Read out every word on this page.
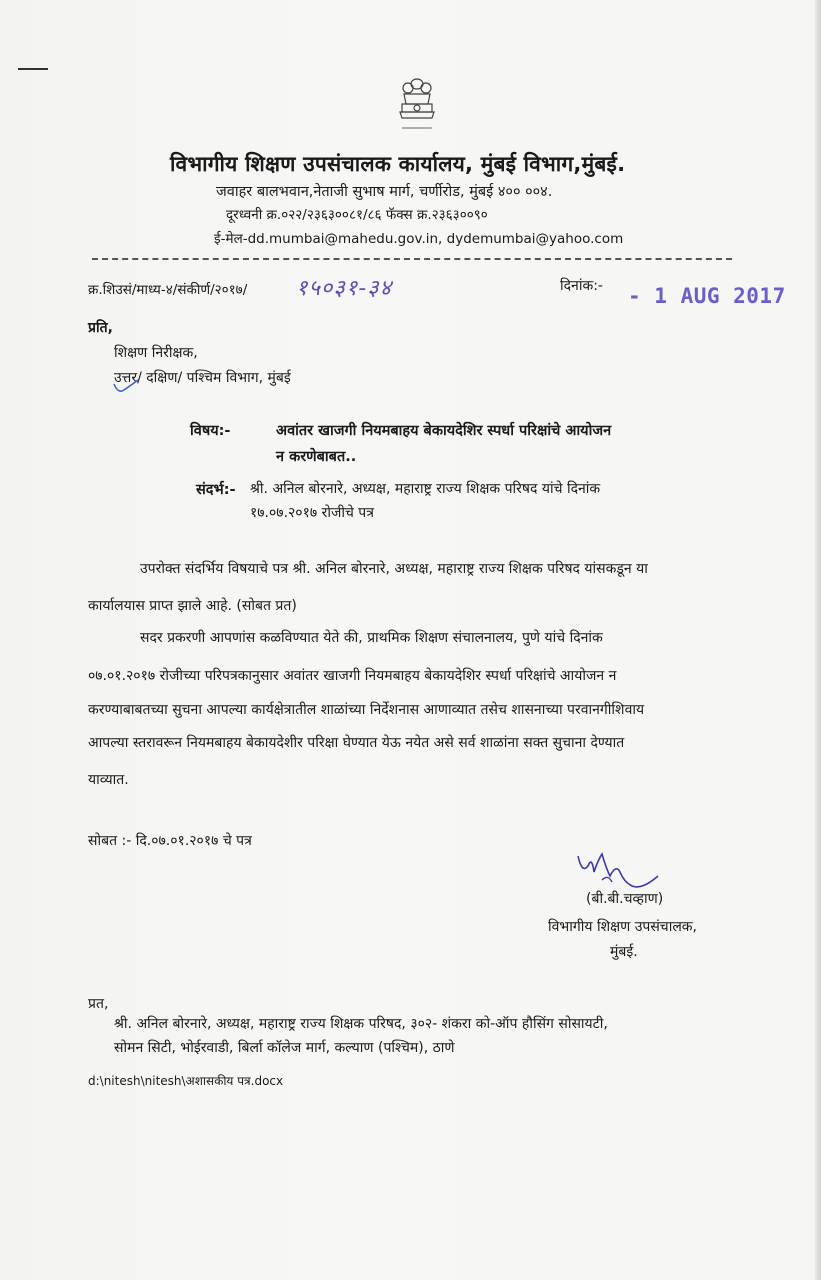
विभागीय शिक्षण उपसंचालक कार्यालय, मुंबई विभाग,मुंबई.
जवाहर बालभवान,नेताजी सुभाष मार्ग, चर्णीरोड, मुंबई ४०० ००४.
दूरध्वनी क्र.०२२/२३६३००८१/८६ फॅक्स क्र.२३६३००९०
ई-मेल-dd.mumbai@mahedu.gov.in, dydemumbai@yahoo.com
क्र.शिउसं/माध्य-४/संकीर्ण/२०१७/ १५०३१-३४	दिनांक:- - 1 AUG 2017
प्रति,
शिक्षण निरीक्षक,
उत्तर/ दक्षिण/ पश्चिम विभाग, मुंबई
विषय:-	अवांतर खाजगी नियमबाहय बेकायदेशिर स्पर्धा परिक्षांचे आयोजन
न करणेबाबत..
संदर्भ:- श्री. अनिल बोरनारे, अध्यक्ष, महाराष्ट्र राज्य शिक्षक परिषद यांचे दिनांक
१७.०७.२०१७ रोजीचे पत्र
उपरोक्त संदर्भिय विषयाचे पत्र श्री. अनिल बोरनारे, अध्यक्ष, महाराष्ट्र राज्य शिक्षक परिषद यांसकडून या
कार्यालयास प्राप्त झाले आहे. (सोबत प्रत)
सदर प्रकरणी आपणांस कळविण्यात येते की, प्राथमिक शिक्षण संचालनालय, पुणे यांचे दिनांक
०७.०१.२०१७ रोजीच्या परिपत्रकानुसार अवांतर खाजगी नियमबाहय बेकायदेशिर स्पर्धा परिक्षांचे आयोजन न
करण्याबाबतच्या सुचना आपल्या कार्यक्षेत्रातील शाळांच्या निर्देशनास आणाव्यात तसेच शासनाच्या परवानगीशिवाय
आपल्या स्तरावरून नियमबाहय बेकायदेशीर परिक्षा घेण्यात येऊ नयेत असे सर्व शाळांना सक्त सुचाना देण्यात
याव्यात.
सोबत :- दि.०७.०१.२०१७ चे पत्र
(बी.बी.चव्हाण)
विभागीय शिक्षण उपसंचालक,
मुंबई.
प्रत,
श्री. अनिल बोरनारे, अध्यक्ष, महाराष्ट्र राज्य शिक्षक परिषद, ३०२- शंकरा को-ऑप हौसिंग सोसायटी,
सोमन सिटी, भोईरवाडी, बिर्ला कॉलेज मार्ग, कल्याण (पश्चिम), ठाणे
d:\nitesh\nitesh\अशासकीय पत्र.docx
